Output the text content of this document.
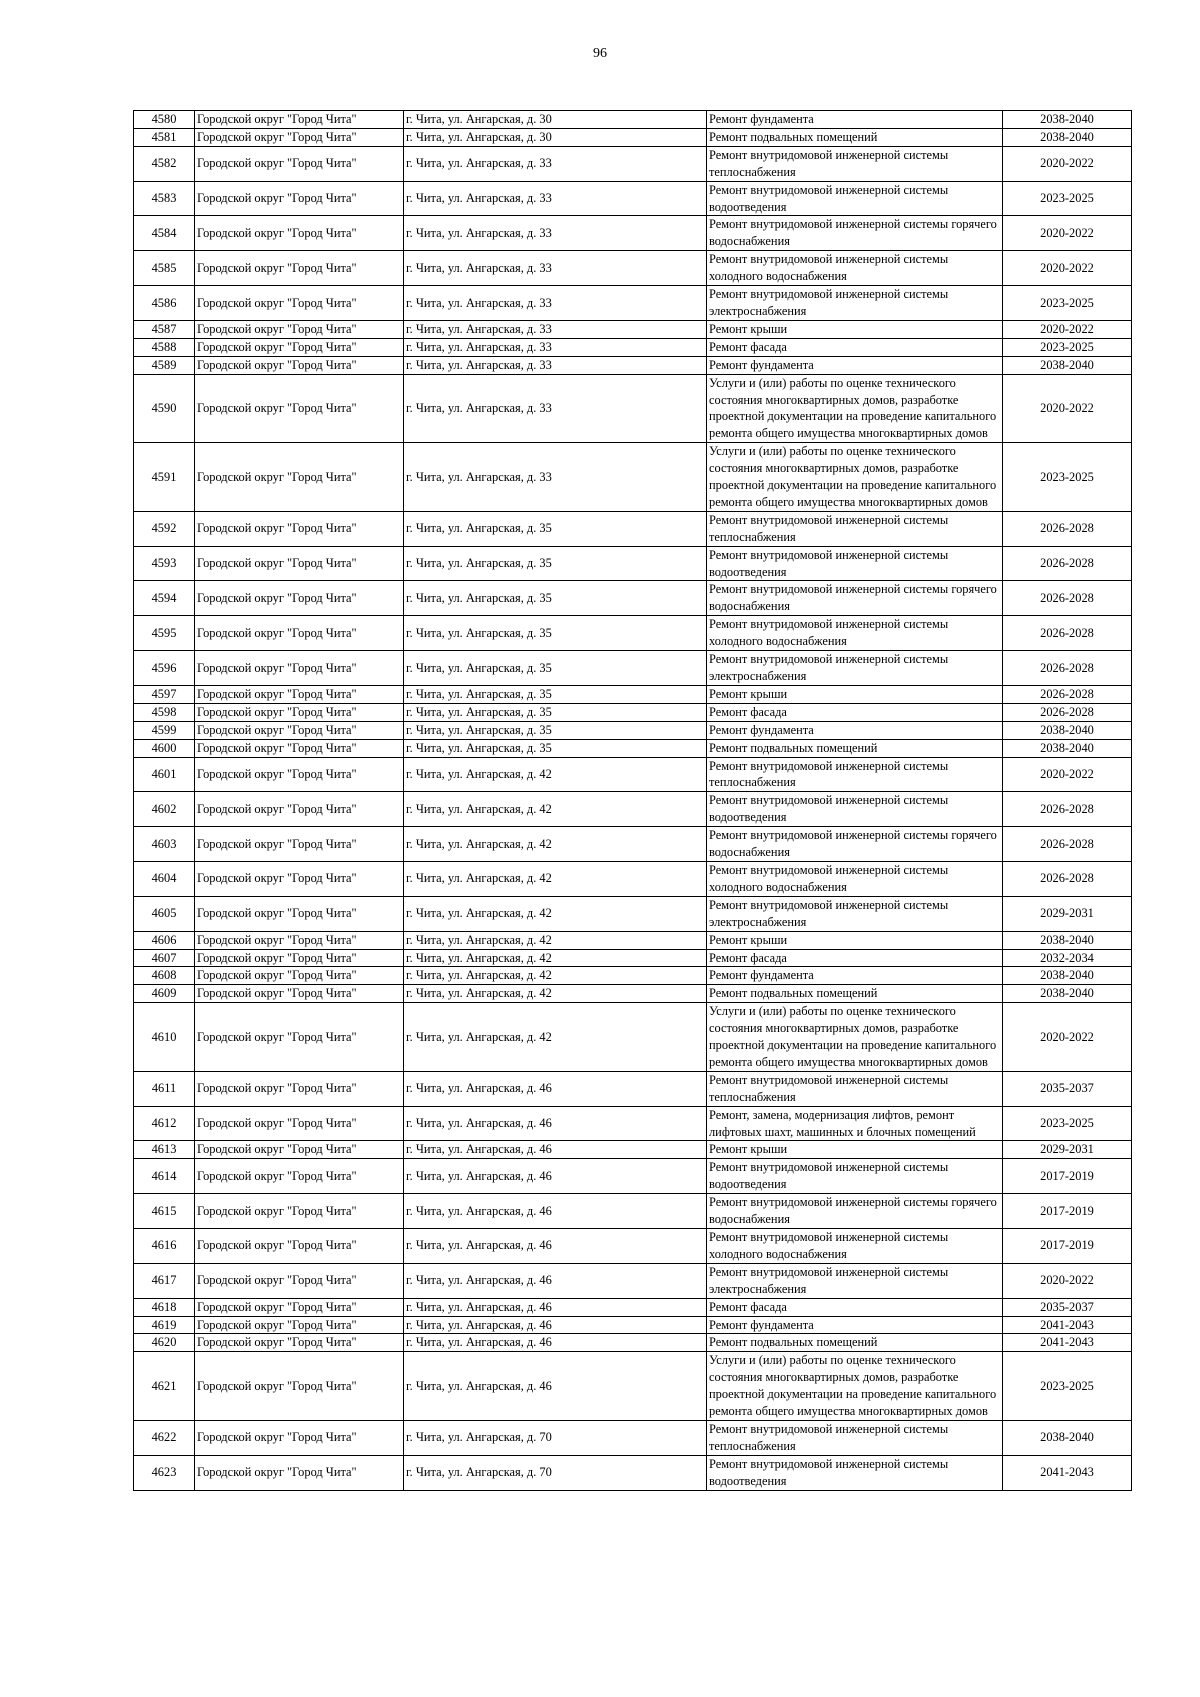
96
4580	Городской округ "Город Чита"	г. Чита, ул. Ангарская, д. 30	Ремонт фундамента	2038-2040
4581	Городской округ "Город Чита"	г. Чита, ул. Ангарская, д. 30	Ремонт подвальных помещений	2038-2040
4582	Городской округ "Город Чита"	г. Чита, ул. Ангарская, д. 33	Ремонт внутридомовой инженерной системы теплоснабжения	2020-2022
4583	Городской округ "Город Чита"	г. Чита, ул. Ангарская, д. 33	Ремонт внутридомовой инженерной системы водоотведения	2023-2025
4584	Городской округ "Город Чита"	г. Чита, ул. Ангарская, д. 33	Ремонт внутридомовой инженерной системы горячего водоснабжения	2020-2022
4585	Городской округ "Город Чита"	г. Чита, ул. Ангарская, д. 33	Ремонт внутридомовой инженерной системы холодного водоснабжения	2020-2022
4586	Городской округ "Город Чита"	г. Чита, ул. Ангарская, д. 33	Ремонт внутридомовой инженерной системы электроснабжения	2023-2025
4587	Городской округ "Город Чита"	г. Чита, ул. Ангарская, д. 33	Ремонт крыши	2020-2022
4588	Городской округ "Город Чита"	г. Чита, ул. Ангарская, д. 33	Ремонт фасада	2023-2025
4589	Городской округ "Город Чита"	г. Чита, ул. Ангарская, д. 33	Ремонт фундамента	2038-2040
4590	Городской округ "Город Чита"	г. Чита, ул. Ангарская, д. 33	Услуги и (или) работы по оценке технического состояния многоквартирных домов, разработке проектной документации на проведение капитального ремонта общего имущества многоквартирных домов	2020-2022
4591	Городской округ "Город Чита"	г. Чита, ул. Ангарская, д. 33	Услуги и (или) работы по оценке технического состояния многоквартирных домов, разработке проектной документации на проведение капитального ремонта общего имущества многоквартирных домов	2023-2025
4592	Городской округ "Город Чита"	г. Чита, ул. Ангарская, д. 35	Ремонт внутридомовой инженерной системы теплоснабжения	2026-2028
4593	Городской округ "Город Чита"	г. Чита, ул. Ангарская, д. 35	Ремонт внутридомовой инженерной системы водоотведения	2026-2028
4594	Городской округ "Город Чита"	г. Чита, ул. Ангарская, д. 35	Ремонт внутридомовой инженерной системы горячего водоснабжения	2026-2028
4595	Городской округ "Город Чита"	г. Чита, ул. Ангарская, д. 35	Ремонт внутридомовой инженерной системы холодного водоснабжения	2026-2028
4596	Городской округ "Город Чита"	г. Чита, ул. Ангарская, д. 35	Ремонт внутридомовой инженерной системы электроснабжения	2026-2028
4597	Городской округ "Город Чита"	г. Чита, ул. Ангарская, д. 35	Ремонт крыши	2026-2028
4598	Городской округ "Город Чита"	г. Чита, ул. Ангарская, д. 35	Ремонт фасада	2026-2028
4599	Городской округ "Город Чита"	г. Чита, ул. Ангарская, д. 35	Ремонт фундамента	2038-2040
4600	Городской округ "Город Чита"	г. Чита, ул. Ангарская, д. 35	Ремонт подвальных помещений	2038-2040
4601	Городской округ "Город Чита"	г. Чита, ул. Ангарская, д. 42	Ремонт внутридомовой инженерной системы теплоснабжения	2020-2022
4602	Городской округ "Город Чита"	г. Чита, ул. Ангарская, д. 42	Ремонт внутридомовой инженерной системы водоотведения	2026-2028
4603	Городской округ "Город Чита"	г. Чита, ул. Ангарская, д. 42	Ремонт внутридомовой инженерной системы горячего водоснабжения	2026-2028
4604	Городской округ "Город Чита"	г. Чита, ул. Ангарская, д. 42	Ремонт внутридомовой инженерной системы холодного водоснабжения	2026-2028
4605	Городской округ "Город Чита"	г. Чита, ул. Ангарская, д. 42	Ремонт внутридомовой инженерной системы электроснабжения	2029-2031
4606	Городской округ "Город Чита"	г. Чита, ул. Ангарская, д. 42	Ремонт крыши	2038-2040
4607	Городской округ "Город Чита"	г. Чита, ул. Ангарская, д. 42	Ремонт фасада	2032-2034
4608	Городской округ "Город Чита"	г. Чита, ул. Ангарская, д. 42	Ремонт фундамента	2038-2040
4609	Городской округ "Город Чита"	г. Чита, ул. Ангарская, д. 42	Ремонт подвальных помещений	2038-2040
4610	Городской округ "Город Чита"	г. Чита, ул. Ангарская, д. 42	Услуги и (или) работы по оценке технического состояния многоквартирных домов, разработке проектной документации на проведение капитального ремонта общего имущества многоквартирных домов	2020-2022
4611	Городской округ "Город Чита"	г. Чита, ул. Ангарская, д. 46	Ремонт внутридомовой инженерной системы теплоснабжения	2035-2037
4612	Городской округ "Город Чита"	г. Чита, ул. Ангарская, д. 46	Ремонт, замена, модернизация лифтов, ремонт лифтовых шахт, машинных и блочных помещений	2023-2025
4613	Городской округ "Город Чита"	г. Чита, ул. Ангарская, д. 46	Ремонт крыши	2029-2031
4614	Городской округ "Город Чита"	г. Чита, ул. Ангарская, д. 46	Ремонт внутридомовой инженерной системы водоотведения	2017-2019
4615	Городской округ "Город Чита"	г. Чита, ул. Ангарская, д. 46	Ремонт внутридомовой инженерной системы горячего водоснабжения	2017-2019
4616	Городской округ "Город Чита"	г. Чита, ул. Ангарская, д. 46	Ремонт внутридомовой инженерной системы холодного водоснабжения	2017-2019
4617	Городской округ "Город Чита"	г. Чита, ул. Ангарская, д. 46	Ремонт внутридомовой инженерной системы электроснабжения	2020-2022
4618	Городской округ "Город Чита"	г. Чита, ул. Ангарская, д. 46	Ремонт фасада	2035-2037
4619	Городской округ "Город Чита"	г. Чита, ул. Ангарская, д. 46	Ремонт фундамента	2041-2043
4620	Городской округ "Город Чита"	г. Чита, ул. Ангарская, д. 46	Ремонт подвальных помещений	2041-2043
4621	Городской округ "Город Чита"	г. Чита, ул. Ангарская, д. 46	Услуги и (или) работы по оценке технического состояния многоквартирных домов, разработке проектной документации на проведение капитального ремонта общего имущества многоквартирных домов	2023-2025
4622	Городской округ "Город Чита"	г. Чита, ул. Ангарская, д. 70	Ремонт внутридомовой инженерной системы теплоснабжения	2038-2040
4623	Городской округ "Город Чита"	г. Чита, ул. Ангарская, д. 70	Ремонт внутридомовой инженерной системы водоотведения	2041-2043
